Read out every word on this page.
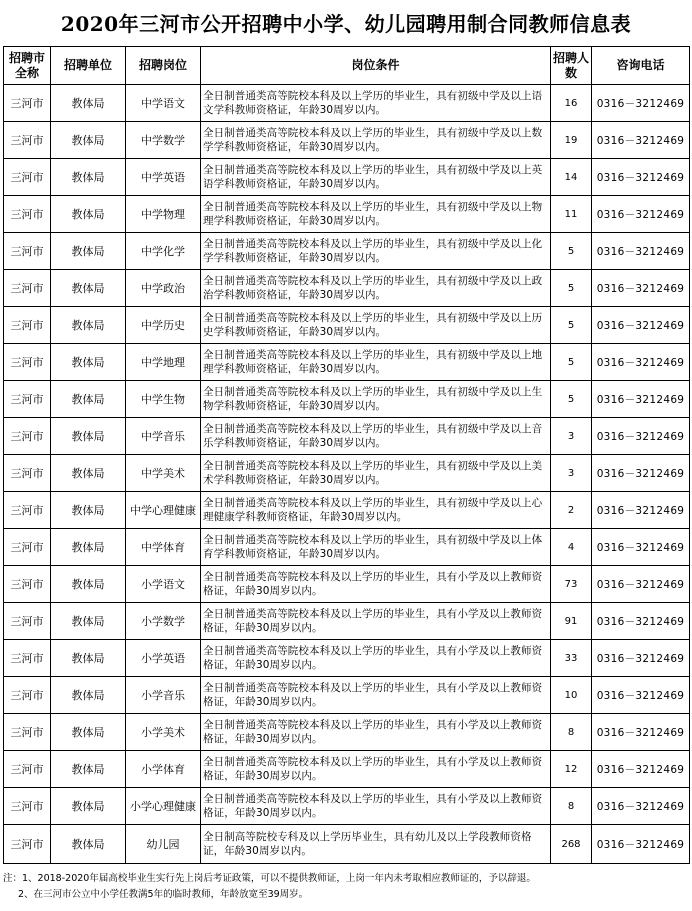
2020年三河市公开招聘中小学、幼儿园聘用制合同教师信息表
招聘市全称	招聘单位	招聘岗位	岗位条件	招聘人数	咨询电话
三河市	教体局	中学语文	全日制普通类高等院校本科及以上学历的毕业生，具有初级中学及以上语文学科教师资格证，年龄30周岁以内。	16	0316－3212469
三河市	教体局	中学数学	全日制普通类高等院校本科及以上学历的毕业生，具有初级中学及以上数学学科教师资格证，年龄30周岁以内。	19	0316－3212469
三河市	教体局	中学英语	全日制普通类高等院校本科及以上学历的毕业生，具有初级中学及以上英语学科教师资格证，年龄30周岁以内。	14	0316－3212469
三河市	教体局	中学物理	全日制普通类高等院校本科及以上学历的毕业生，具有初级中学及以上物理学科教师资格证，年龄30周岁以内。	11	0316－3212469
三河市	教体局	中学化学	全日制普通类高等院校本科及以上学历的毕业生，具有初级中学及以上化学学科教师资格证，年龄30周岁以内。	5	0316－3212469
三河市	教体局	中学政治	全日制普通类高等院校本科及以上学历的毕业生，具有初级中学及以上政治学科教师资格证，年龄30周岁以内。	5	0316－3212469
三河市	教体局	中学历史	全日制普通类高等院校本科及以上学历的毕业生，具有初级中学及以上历史学科教师资格证，年龄30周岁以内。	5	0316－3212469
三河市	教体局	中学地理	全日制普通类高等院校本科及以上学历的毕业生，具有初级中学及以上地理学科教师资格证，年龄30周岁以内。	5	0316－3212469
三河市	教体局	中学生物	全日制普通类高等院校本科及以上学历的毕业生，具有初级中学及以上生物学科教师资格证，年龄30周岁以内。	5	0316－3212469
三河市	教体局	中学音乐	全日制普通类高等院校本科及以上学历的毕业生，具有初级中学及以上音乐学科教师资格证，年龄30周岁以内。	3	0316－3212469
三河市	教体局	中学美术	全日制普通类高等院校本科及以上学历的毕业生，具有初级中学及以上美术学科教师资格证，年龄30周岁以内。	3	0316－3212469
三河市	教体局	中学心理健康	全日制普通类高等院校本科及以上学历的毕业生，具有初级中学及以上心理健康学科教师资格证，年龄30周岁以内。	2	0316－3212469
三河市	教体局	中学体育	全日制普通类高等院校本科及以上学历的毕业生，具有初级中学及以上体育学科教师资格证，年龄30周岁以内。	4	0316－3212469
三河市	教体局	小学语文	全日制普通类高等院校本科及以上学历的毕业生，具有小学及以上教师资格证，年龄30周岁以内。	73	0316－3212469
三河市	教体局	小学数学	全日制普通类高等院校本科及以上学历的毕业生，具有小学及以上教师资格证，年龄30周岁以内。	91	0316－3212469
三河市	教体局	小学英语	全日制普通类高等院校本科及以上学历的毕业生，具有小学及以上教师资格证，年龄30周岁以内。	33	0316－3212469
三河市	教体局	小学音乐	全日制普通类高等院校本科及以上学历的毕业生，具有小学及以上教师资格证，年龄30周岁以内。	10	0316－3212469
三河市	教体局	小学美术	全日制普通类高等院校本科及以上学历的毕业生，具有小学及以上教师资格证，年龄30周岁以内。	8	0316－3212469
三河市	教体局	小学体育	全日制普通类高等院校本科及以上学历的毕业生，具有小学及以上教师资格证，年龄30周岁以内。	12	0316－3212469
三河市	教体局	小学心理健康	全日制普通类高等院校本科及以上学历的毕业生，具有小学及以上教师资格证，年龄30周岁以内。	8	0316－3212469
三河市	教体局	幼儿园	全日制高等院校专科及以上学历毕业生，具有幼儿及以上学段教师资格证，年龄30周岁以内。	268	0316－3212469
注：1、2018-2020年届高校毕业生实行先上岗后考证政策，可以不提供教师证，上岗一年内未考取相应教师证的，予以辞退。
2、在三河市公立中小学任教满5年的临时教师，年龄放宽至39周岁。
